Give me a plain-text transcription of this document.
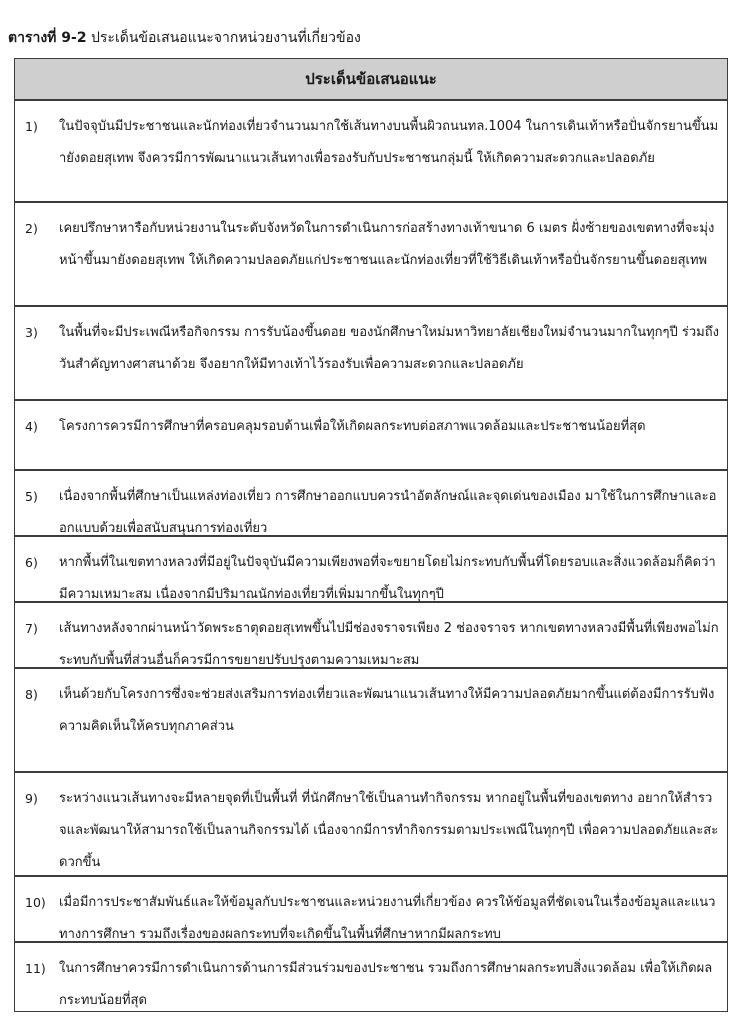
ตารางที่ 9-2 ประเด็นข้อเสนอแนะจากหน่วยงานที่เกี่ยวข้อง
ประเด็นข้อเสนอแนะ
1) ในปัจจุบันมีประชาชนและนักท่องเที่ยวจำนวนมากใช้เส้นทางบนพื้นผิวถนนทล.1004 ในการเดินเท้าหรือปั่นจักรยานขึ้นมายังดอยสุเทพ จึงควรมีการพัฒนาแนวเส้นทางเพื่อรองรับกับประชาชนกลุ่มนี้ ให้เกิดความสะดวกและปลอดภัย
2) เคยปรึกษาหารือกับหน่วยงานในระดับจังหวัดในการดำเนินการก่อสร้างทางเท้าขนาด 6 เมตร ฝั่งซ้ายของเขตทางที่จะมุ่งหน้าขึ้นมายังดอยสุเทพ ให้เกิดความปลอดภัยแก่ประชาชนและนักท่องเที่ยวที่ใช้วิธีเดินเท้าหรือปั่นจักรยานขึ้นดอยสุเทพ
3) ในพื้นที่จะมีประเพณีหรือกิจกรรม การรับน้องขึ้นดอย ของนักศึกษาใหม่มหาวิทยาลัยเชียงใหม่จำนวนมากในทุกๆปี ร่วมถึงวันสำคัญทางศาสนาด้วย จึงอยากให้มีทางเท้าไว้รองรับเพื่อความสะดวกและปลอดภัย
4) โครงการควรมีการศึกษาที่ครอบคลุมรอบด้านเพื่อให้เกิดผลกระทบต่อสภาพแวดล้อมและประชาชนน้อยที่สุด
5) เนื่องจากพื้นที่ศึกษาเป็นแหล่งท่องเที่ยว การศึกษาออกแบบควรนำอัตลักษณ์และจุดเด่นของเมือง มาใช้ในการศึกษาและออกแบบด้วยเพื่อสนับสนุนการท่องเที่ยว
6) หากพื้นที่ในเขตทางหลวงที่มีอยู่ในปัจจุบันมีความเพียงพอที่จะขยายโดยไม่กระทบกับพื้นที่โดยรอบและสิ่งแวดล้อมก็คิดว่ามีความเหมาะสม เนื่องจากมีปริมาณนักท่องเที่ยวที่เพิ่มมากขึ้นในทุกๆปี
7) เส้นทางหลังจากผ่านหน้าวัดพระธาตุดอยสุเทพขึ้นไปมีช่องจราจรเพียง 2 ช่องจราจร หากเขตทางหลวงมีพื้นที่เพียงพอไม่กระทบกับพื้นที่ส่วนอื่นก็ควรมีการขยายปรับปรุงตามความเหมาะสม
8) เห็นด้วยกับโครงการซึ่งจะช่วยส่งเสริมการท่องเที่ยวและพัฒนาแนวเส้นทางให้มีความปลอดภัยมากขึ้นแต่ต้องมีการรับฟังความคิดเห็นให้ครบทุกภาคส่วน
9) ระหว่างแนวเส้นทางจะมีหลายจุดที่เป็นพื้นที่ ที่นักศึกษาใช้เป็นลานทำกิจกรรม หากอยู่ในพื้นที่ของเขตทาง อยากให้สำรวจและพัฒนาให้สามารถใช้เป็นลานกิจกรรมได้ เนื่องจากมีการทำกิจกรรมตามประเพณีในทุกๆปี เพื่อความปลอดภัยและสะดวกขึ้น
10) เมื่อมีการประชาสัมพันธ์และให้ข้อมูลกับประชาชนและหน่วยงานที่เกี่ยวข้อง ควรให้ข้อมูลที่ชัดเจนในเรื่องข้อมูลและแนวทางการศึกษา รวมถึงเรื่องของผลกระทบที่จะเกิดขึ้นในพื้นที่ศึกษาหากมีผลกระทบ
11) ในการศึกษาควรมีการดำเนินการด้านการมีส่วนร่วมของประชาชน รวมถึงการศึกษาผลกระทบสิ่งแวดล้อม เพื่อให้เกิดผลกระทบน้อยที่สุด
